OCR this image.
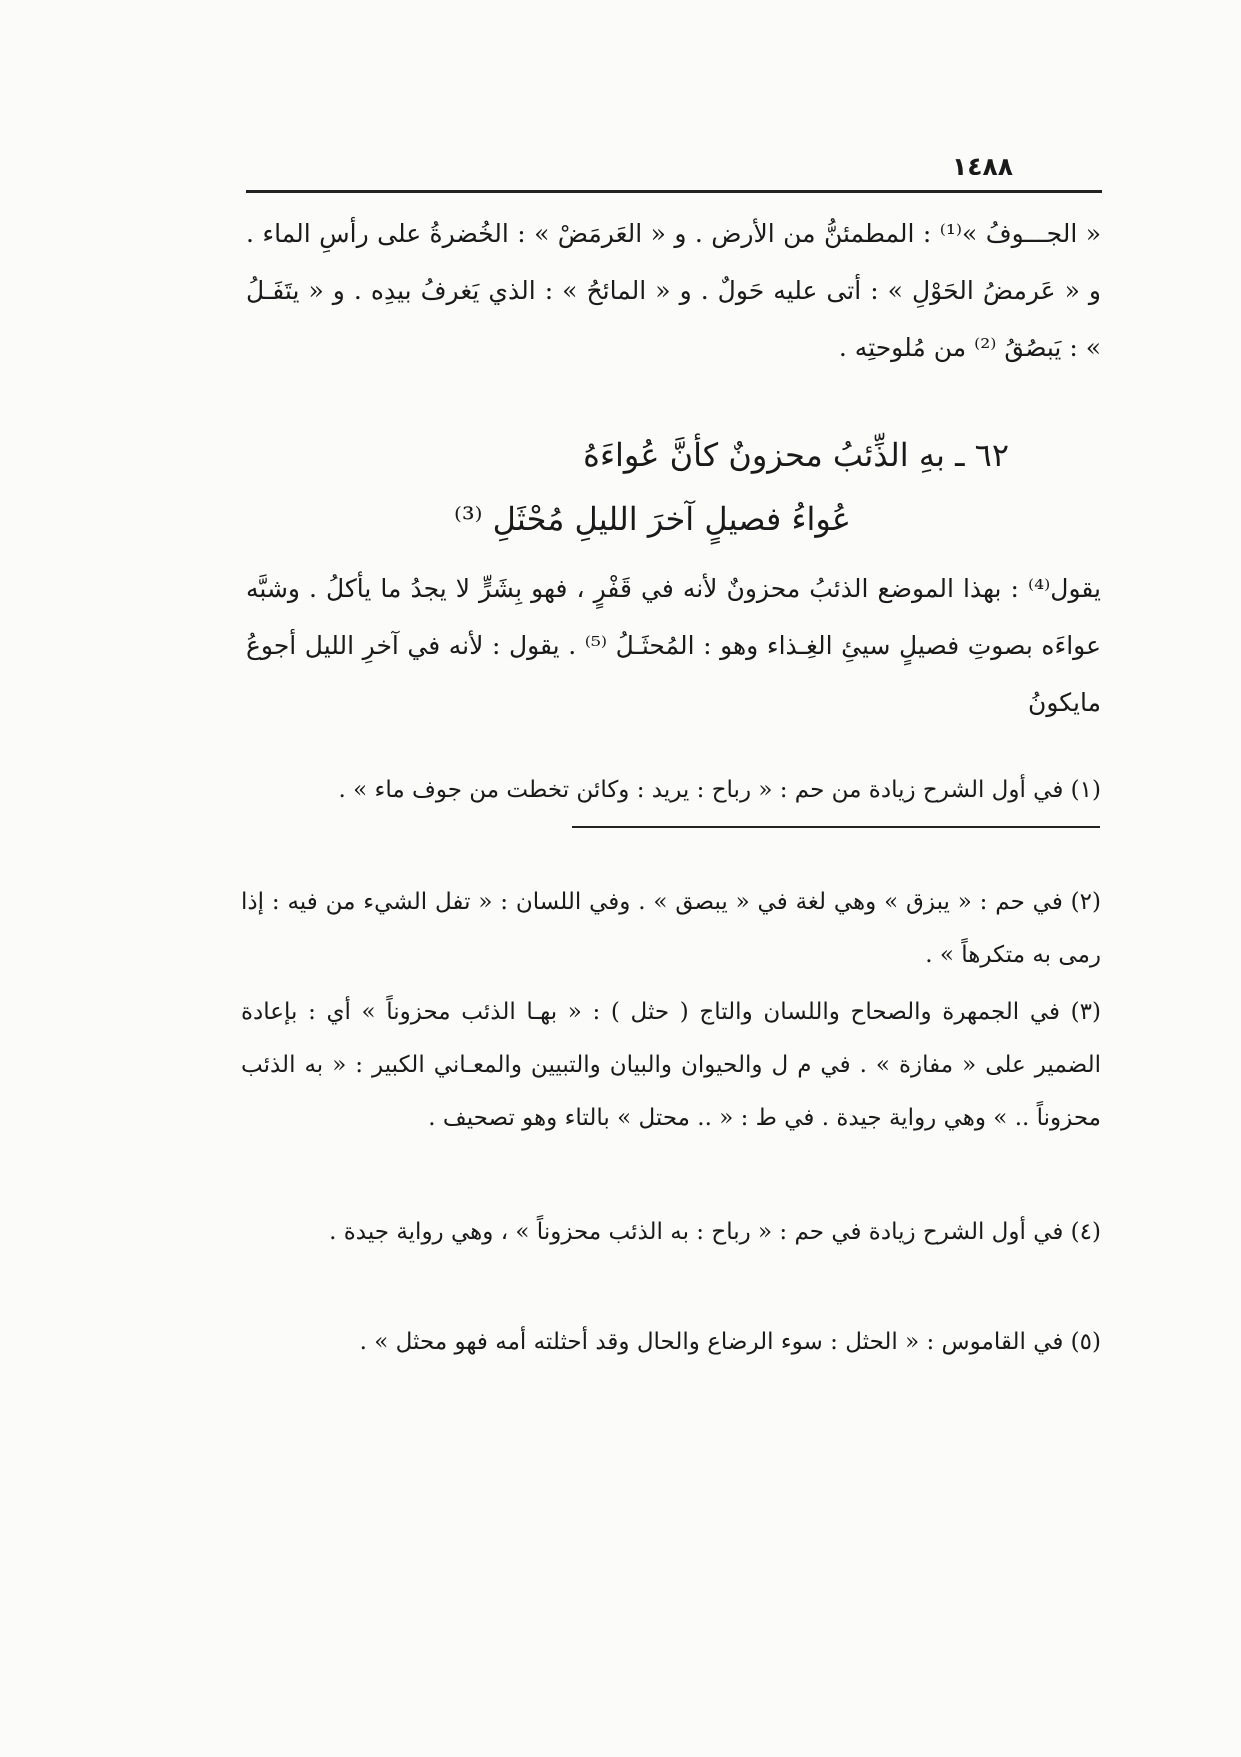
١٤٨٨
« الجـــوفُ »⁽¹⁾ : المطمئنُّ من الأرض . و « العَرمَضْ » : الخُضرةُ على رأسِ الماء . و « عَرمضُ الحَوْلِ » : أتى عليه حَولٌ . و « المائحُ » : الذي يَغرفُ بيدِه . و « يتَفَـلُ » : يَبصُقُ ⁽²⁾ من مُلوحتِه .
٦٢ ـ بهِ الذِّئبُ محزونٌ كأنَّ عُواءَهُ
عُواءُ فصيلٍ آخرَ الليلِ مُحْثَلِ ⁽³⁾
يقول⁽⁴⁾ : بهذا الموضع الذئبُ محزونٌ لأنه في قَفْرٍ ، فهو بِشَرٍّ لا يجدُ ما يأكلُ . وشبَّه عواءَه بصوتِ فصيلٍ سيئِ الغِـذاء وهو : المُحثَـلُ ⁽⁵⁾ . يقول : لأنه في آخرِ الليل أجوعُ مايكونُ
(١) في أول الشرح زيادة من حم : « رباح : يريد : وكائن تخطت من جوف ماء » .
(٢) في حم : « يبزق » وهي لغة في « يبصق » . وفي اللسان : « تفل الشيء من فيه : إذا رمى به متكرهاً » .
(٣) في الجمهرة والصحاح واللسان والتاج ( حثل ) : « بهـا الذئب محزوناً » أي : بإعادة الضمير على « مفازة » . في م ل والحيوان والبيان والتبيين والمعـاني الكبير : « به الذئب محزوناً .. » وهي رواية جيدة . في ط : « .. محتل » بالتاء وهو تصحيف .
(٤) في أول الشرح زيادة في حم : « رباح : به الذئب محزوناً » ، وهي رواية جيدة .
(٥) في القاموس : « الحثل : سوء الرضاع والحال وقد أحثلته أمه فهو محثل » .
